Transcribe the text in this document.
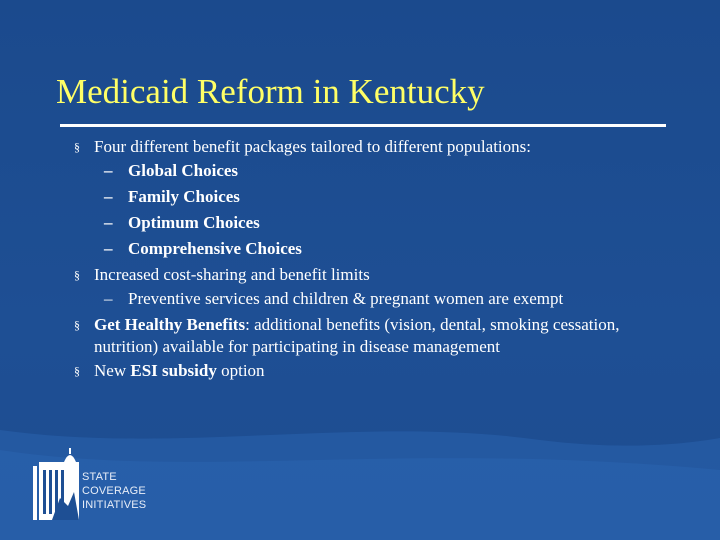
Medicaid Reform in Kentucky
§ Four different benefit packages tailored to different populations:
– Global Choices
– Family Choices
– Optimum Choices
– Comprehensive Choices
§ Increased cost-sharing and benefit limits
– Preventive services and children & pregnant women are exempt
§ Get Healthy Benefits: additional benefits (vision, dental, smoking cessation, nutrition) available for participating in disease management
§ New ESI subsidy option
STATE
COVERAGE
INITIATIVES
